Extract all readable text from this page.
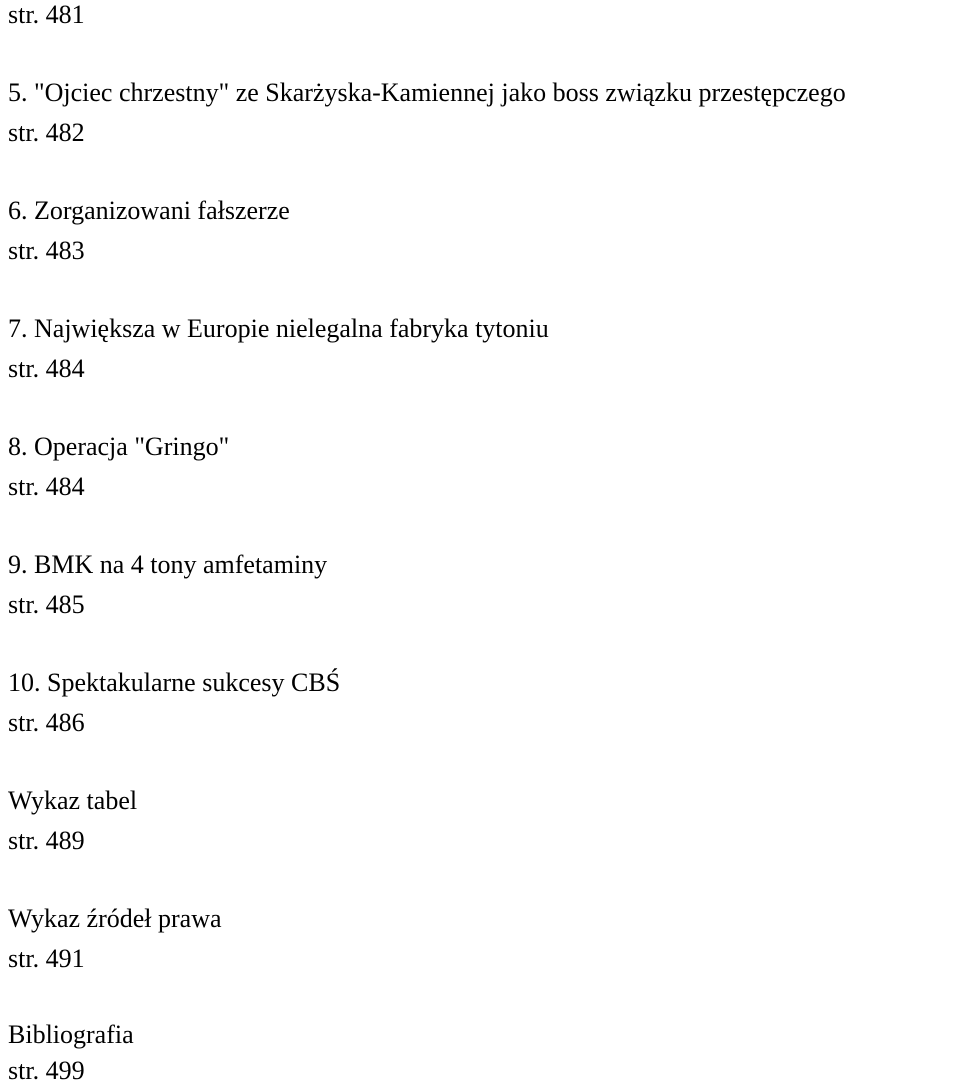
str. 481

5. "Ojciec chrzestny" ze Skarżyska-Kamiennej jako boss związku przestępczego

str. 482

6. Zorganizowani fałszerze

str. 483

7. Największa w Europie nielegalna fabryka tytoniu

str. 484

8. Operacja "Gringo"

str. 484

9. BMK na 4 tony amfetaminy

str. 485

10. Spektakularne sukcesy CBŚ

str. 486

Wykaz tabel

str. 489

Wykaz źródeł prawa

str. 491

Bibliografia

str. 499
